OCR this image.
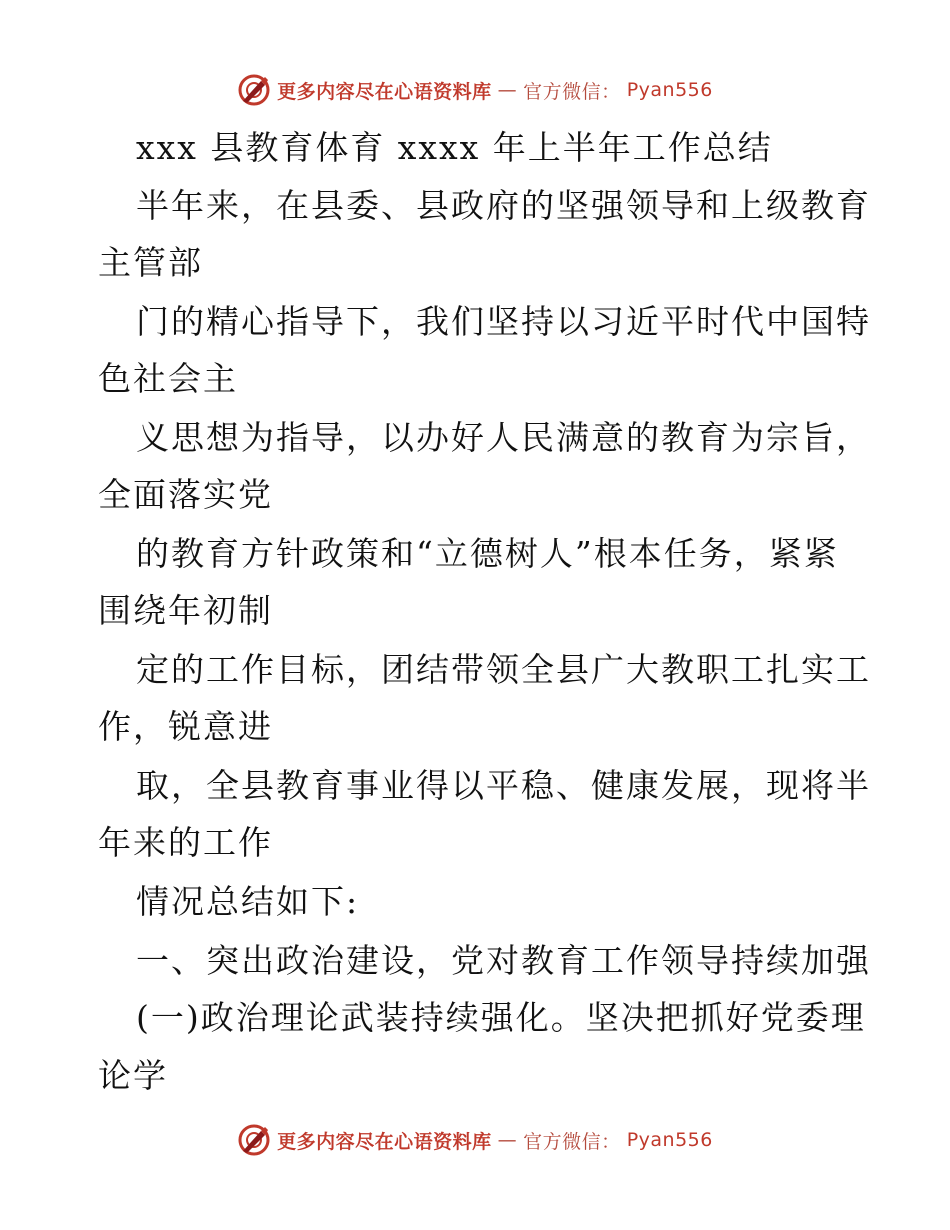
更多内容尽在心语资料库 — 官方微信： Pyan556
xxx 县教育体育 xxxx 年上半年工作总结
半年来，在县委、县政府的坚强领导和上级教育
主管部
门的精心指导下，我们坚持以习近平时代中国特
色社会主
义思想为指导，以办好人民满意的教育为宗旨，
全面落实党
的教育方针政策和“立德树人”根本任务，紧紧
围绕年初制
定的工作目标，团结带领全县广大教职工扎实工
作，锐意进
取，全县教育事业得以平稳、健康发展，现将半
年来的工作
情况总结如下:
一、突出政治建设，党对教育工作领导持续加强
(一)政治理论武装持续强化。坚决把抓好党委理
论学
更多内容尽在心语资料库 — 官方微信： Pyan556
